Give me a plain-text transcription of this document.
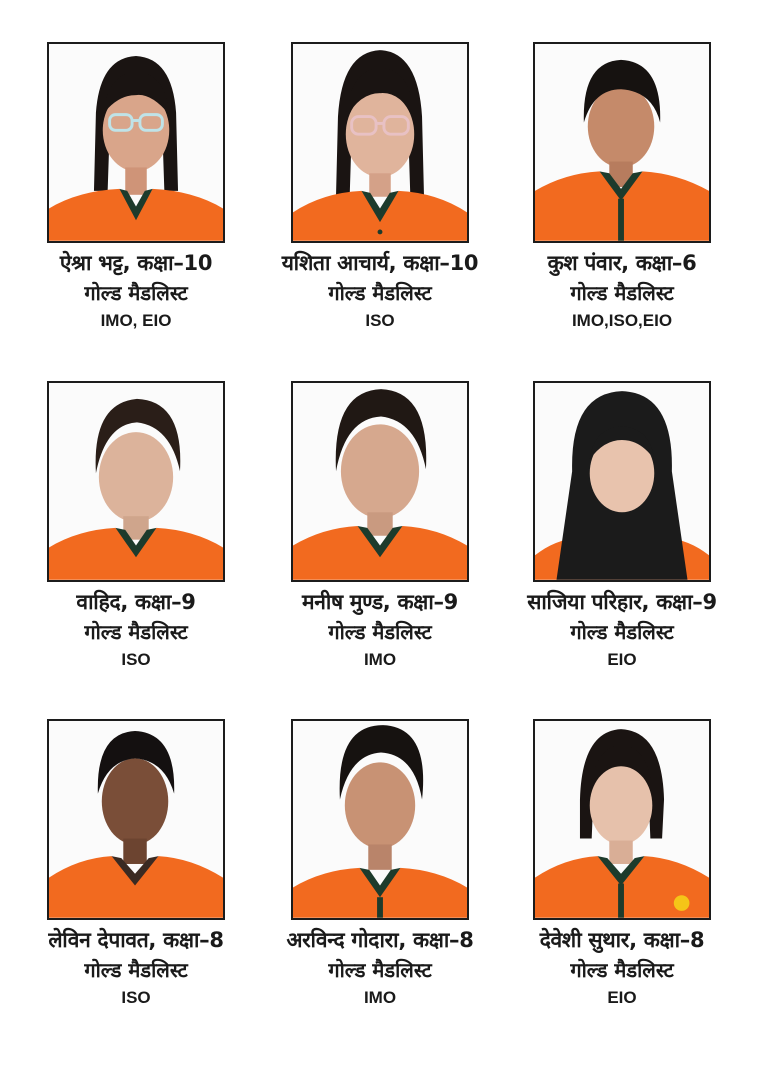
ऐश्रा भट्ट, कक्षा–10
गोल्ड मैडलिस्ट
IMO, EIO
यशिता आचार्य, कक्षा–10
गोल्ड मैडलिस्ट
ISO
कुश पंवार, कक्षा–6
गोल्ड मैडलिस्ट
IMO,ISO,EIO
वाहिद, कक्षा–9
गोल्ड मैडलिस्ट
ISO
मनीष मुण्ड, कक्षा–9
गोल्ड मैडलिस्ट
IMO
साजिया परिहार, कक्षा–9
गोल्ड मैडलिस्ट
EIO
लेविन देपावत, कक्षा–8
गोल्ड मैडलिस्ट
ISO
अरविन्द गोदारा, कक्षा–8
गोल्ड मैडलिस्ट
IMO
देवेशी सुथार, कक्षा–8
गोल्ड मैडलिस्ट
EIO
